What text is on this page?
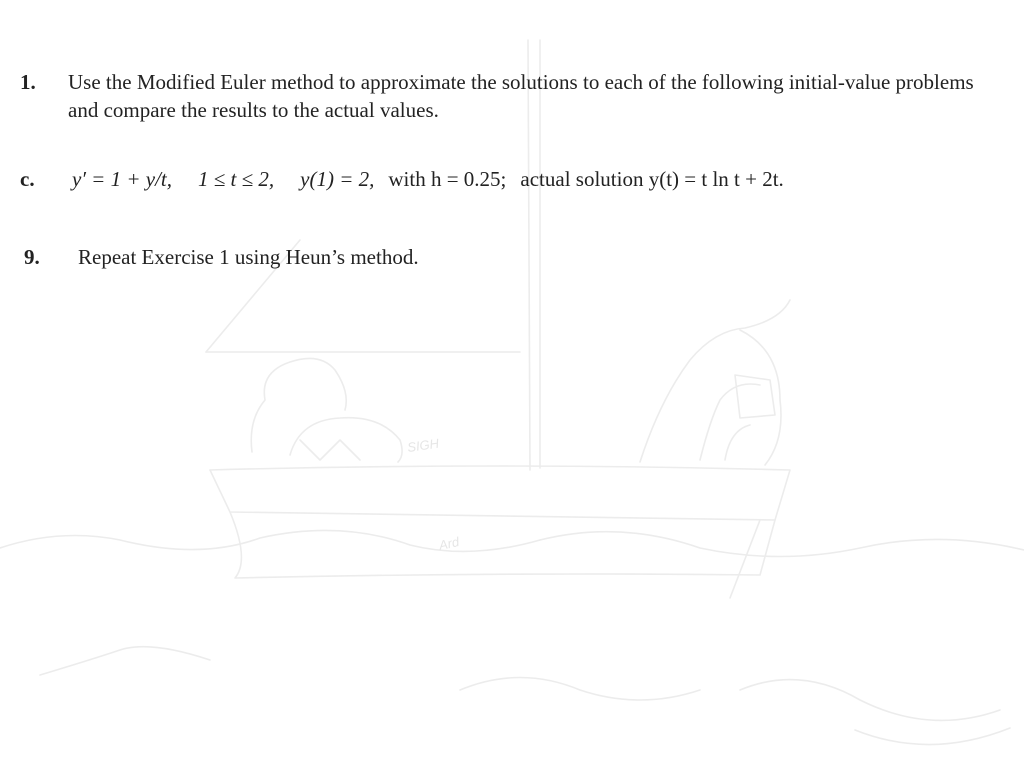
SIGH
Ard
1. Use the Modified Euler method to approximate the solutions to each of the following initial-value problems and compare the results to the actual values.
c. y′ = 1 + y/t, 1 ≤ t ≤ 2, y(1) = 2, with h = 0.25; actual solution y(t) = t ln t + 2t.
9. Repeat Exercise 1 using Heun’s method.
